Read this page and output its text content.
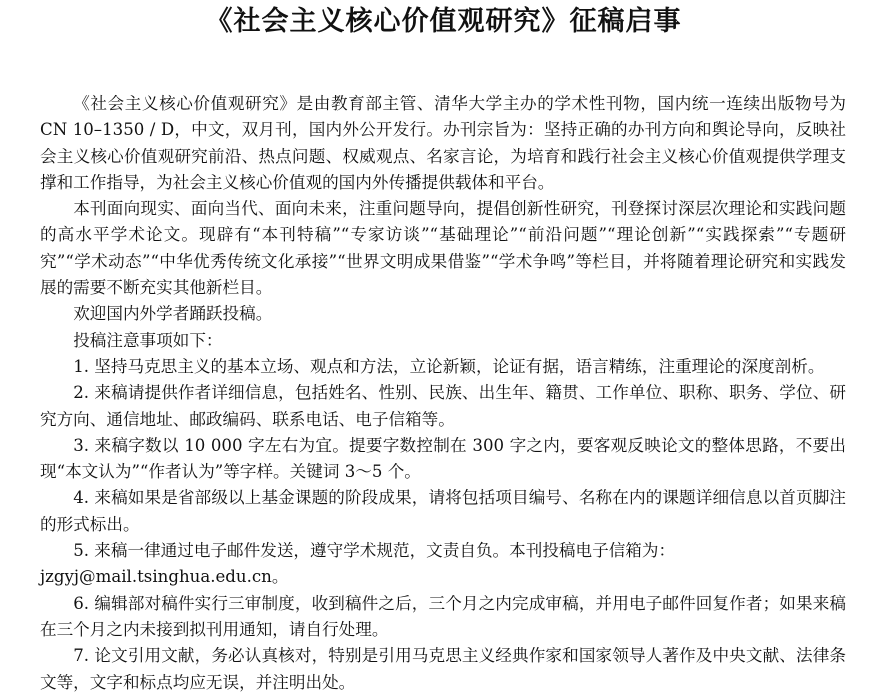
《社会主义核心价值观研究》征稿启事

《社会主义核心价值观研究》是由教育部主管、清华大学主办的学术性刊物，国内统一连续出版物号为 CN 10–1350 / D，中文，双月刊，国内外公开发行。办刊宗旨为：坚持正确的办刊方向和舆论导向，反映社会主义核心价值观研究前沿、热点问题、权威观点、名家言论，为培育和践行社会主义核心价值观提供学理支撑和工作指导，为社会主义核心价值观的国内外传播提供载体和平台。

本刊面向现实、面向当代、面向未来，注重问题导向，提倡创新性研究，刊登探讨深层次理论和实践问题的高水平学术论文。现辟有“本刊特稿”“专家访谈”“基础理论”“前沿问题”“理论创新”“实践探索”“专题研究”“学术动态”“中华优秀传统文化承接”“世界文明成果借鉴”“学术争鸣”等栏目，并将随着理论研究和实践发展的需要不断充实其他新栏目。

欢迎国内外学者踊跃投稿。

投稿注意事项如下：

1. 坚持马克思主义的基本立场、观点和方法，立论新颖，论证有据，语言精练，注重理论的深度剖析。

2. 来稿请提供作者详细信息，包括姓名、性别、民族、出生年、籍贯、工作单位、职称、职务、学位、研究方向、通信地址、邮政编码、联系电话、电子信箱等。

3. 来稿字数以 10 000 字左右为宜。提要字数控制在 300 字之内，要客观反映论文的整体思路，不要出现“本文认为”“作者认为”等字样。关键词 3～5 个。

4. 来稿如果是省部级以上基金课题的阶段成果，请将包括项目编号、名称在内的课题详细信息以首页脚注的形式标出。

5. 来稿一律通过电子邮件发送，遵守学术规范，文责自负。本刊投稿电子信箱为：

jzgyj@mail.tsinghua.edu.cn。

6. 编辑部对稿件实行三审制度，收到稿件之后，三个月之内完成审稿，并用电子邮件回复作者；如果来稿在三个月之内未接到拟刊用通知，请自行处理。

7. 论文引用文献，务必认真核对，特别是引用马克思主义经典作家和国家领导人著作及中央文献、法律条文等，文字和标点均应无误，并注明出处。
